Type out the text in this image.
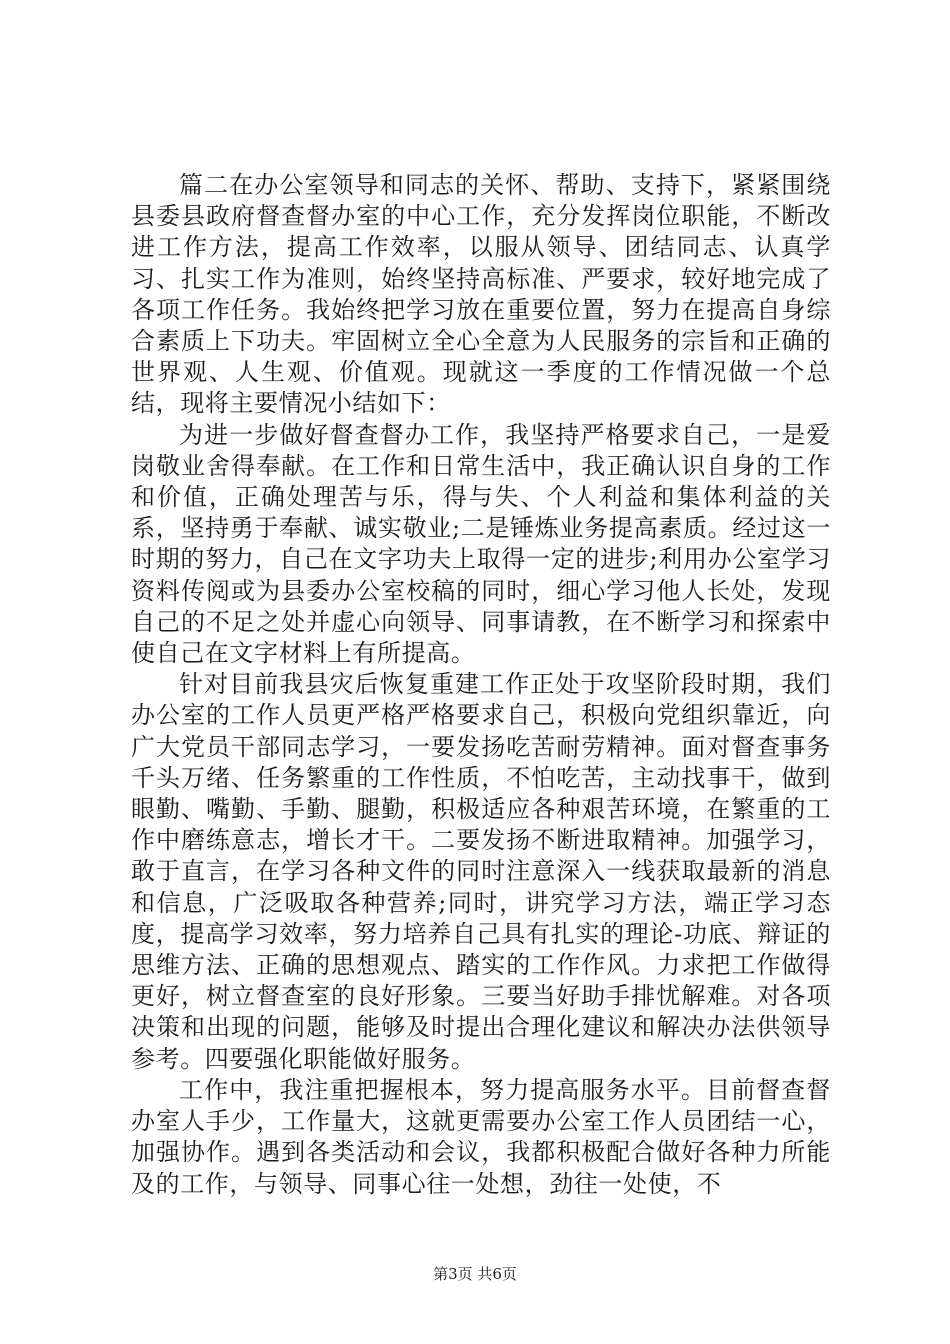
篇二在办公室领导和同志的关怀、帮助、支持下，紧紧围绕县委县政府督查督办室的中心工作，充分发挥岗位职能，不断改进工作方法，提高工作效率，以服从领导、团结同志、认真学习、扎实工作为准则，始终坚持高标准、严要求，较好地完成了各项工作任务。我始终把学习放在重要位置，努力在提高自身综合素质上下功夫。牢固树立全心全意为人民服务的宗旨和正确的世界观、人生观、价值观。现就这一季度的工作情况做一个总结，现将主要情况小结如下：

为进一步做好督查督办工作，我坚持严格要求自己，一是爱岗敬业舍得奉献。在工作和日常生活中，我正确认识自身的工作和价值，正确处理苦与乐，得与失、个人利益和集体利益的关系，坚持勇于奉献、诚实敬业;二是锤炼业务提高素质。经过这一时期的努力，自己在文字功夫上取得一定的进步;利用办公室学习资料传阅或为县委办公室校稿的同时，细心学习他人长处，发现自己的不足之处并虚心向领导、同事请教，在不断学习和探索中使自己在文字材料上有所提高。

针对目前我县灾后恢复重建工作正处于攻坚阶段时期，我们办公室的工作人员更严格严格要求自己，积极向党组织靠近，向广大党员干部同志学习，一要发扬吃苦耐劳精神。面对督查事务千头万绪、任务繁重的工作性质，不怕吃苦，主动找事干，做到眼勤、嘴勤、手勤、腿勤，积极适应各种艰苦环境，在繁重的工作中磨练意志，增长才干。二要发扬不断进取精神。加强学习，敢于直言，在学习各种文件的同时注意深入一线获取最新的消息和信息，广泛吸取各种营养;同时，讲究学习方法，端正学习态度，提高学习效率，努力培养自己具有扎实的理论-功底、辩证的思维方法、正确的思想观点、踏实的工作作风。力求把工作做得更好，树立督查室的良好形象。三要当好助手排忧解难。对各项决策和出现的问题，能够及时提出合理化建议和解决办法供领导参考。四要强化职能做好服务。

工作中，我注重把握根本，努力提高服务水平。目前督查督办室人手少，工作量大，这就更需要办公室工作人员团结一心，加强协作。遇到各类活动和会议，我都积极配合做好各种力所能及的工作，与领导、同事心往一处想，劲往一处使，不

第3页 共6页
